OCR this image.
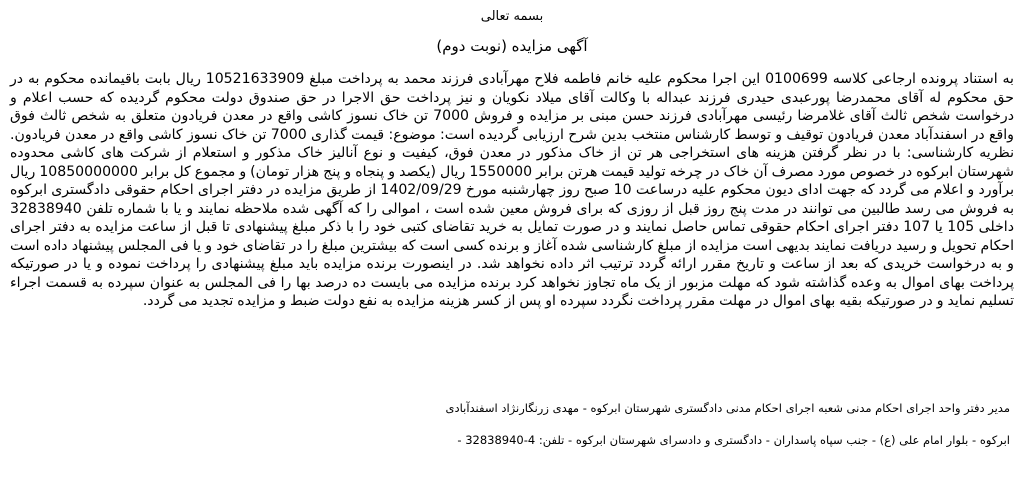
بسمه تعالی
آگهی مزایده (نوبت دوم)
به استناد پرونده ارجاعی کلاسه 0100699 این اجرا محکوم علیه خانم فاطمه فلاح مهرآبادی فرزند محمد به پرداخت مبلغ 10521633909 ریال بابت باقیمانده محکوم به در حق محکوم له آقای محمدرضا پورعبدی حیدری فرزند عبداله با وکالت آقای میلاد نکویان و نیز پرداخت حق الاجرا در حق صندوق دولت محکوم گردیده که حسب اعلام و درخواست شخص ثالث آقای غلامرضا رئیسی مهرآبادی فرزند حسن مبنی بر مزایده و فروش 7000 تن خاک نسوز کاشی واقع در معدن فریادون متعلق به شخص ثالث فوق واقع در اسفندآباد معدن فریادون توقیف و توسط کارشناس منتخب بدین شرح ارزیابی گردیده است: موضوع: قیمت گذاری 7000 تن خاک نسوز کاشی واقع در معدن فریادون. نظریه کارشناسی: با در نظر گرفتن هزینه های استخراجی هر تن از خاک مذکور در معدن فوق، کیفیت و نوع آنالیز خاک مذکور و استعلام از شرکت های کاشی محدوده شهرستان ابرکوه در خصوص مورد مصرف آن خاک در چرخه تولید قیمت هرتن برابر 1550000 ریال (یکصد و پنجاه و پنج هزار تومان) و مجموع کل برابر 10850000000 ریال برآورد و اعلام می گردد که جهت ادای دیون محکوم علیه درساعت 10 صبح روز چهارشنبه مورخ 1402/09/29 از طریق مزایده در دفتر اجرای احکام حقوقی دادگستری ابرکوه به فروش می رسد طالبین می توانند در مدت پنج روز قبل از روزی که برای فروش معین شده است ، اموالی را که آگهی شده ملاحظه نمایند و یا با شماره تلفن 32838940 داخلی 105 یا 107 دفتر اجرای احکام حقوقی تماس حاصل نمایند و در صورت تمایل به خرید تقاضای کتبی خود را با ذکر مبلغ پیشنهادی تا قبل از ساعت مزایده به دفتر اجرای احکام تحویل و رسید دریافت نمایند بدیهی است مزایده از مبلغ کارشناسی شده آغاز و برنده کسی است که بیشترین مبلغ را در تقاضای خود و یا فی المجلس پیشنهاد داده است و به درخواست خریدی که بعد از ساعت و تاریخ مقرر ارائه گردد ترتیب اثر داده نخواهد شد. در اینصورت برنده مزایده باید مبلغ پیشنهادی را پرداخت نموده و یا در صورتیکه پرداخت بهای اموال به وعده گذاشته شود که مهلت مزبور از یک ماه تجاوز نخواهد کرد برنده مزایده می بایست ده درصد بها را فی المجلس به عنوان سپرده به قسمت اجراء تسلیم نماید و در صورتیکه بقیه بهای اموال در مهلت مقرر پرداخت نگردد سپرده او پس از کسر هزینه مزایده به نفع دولت ضبط و مزایده تجدید می گردد.
مدیر دفتر واحد اجرای احکام مدنی شعبه اجرای احکام مدنی دادگستری شهرستان ابرکوه - مهدی زرنگارنژاد اسفندآبادی
ابرکوه - بلوار امام علی (ع) - جنب سپاه پاسداران - دادگستری و دادسرای شهرستان ابرکوه - تلفن: 4-32838940 -
